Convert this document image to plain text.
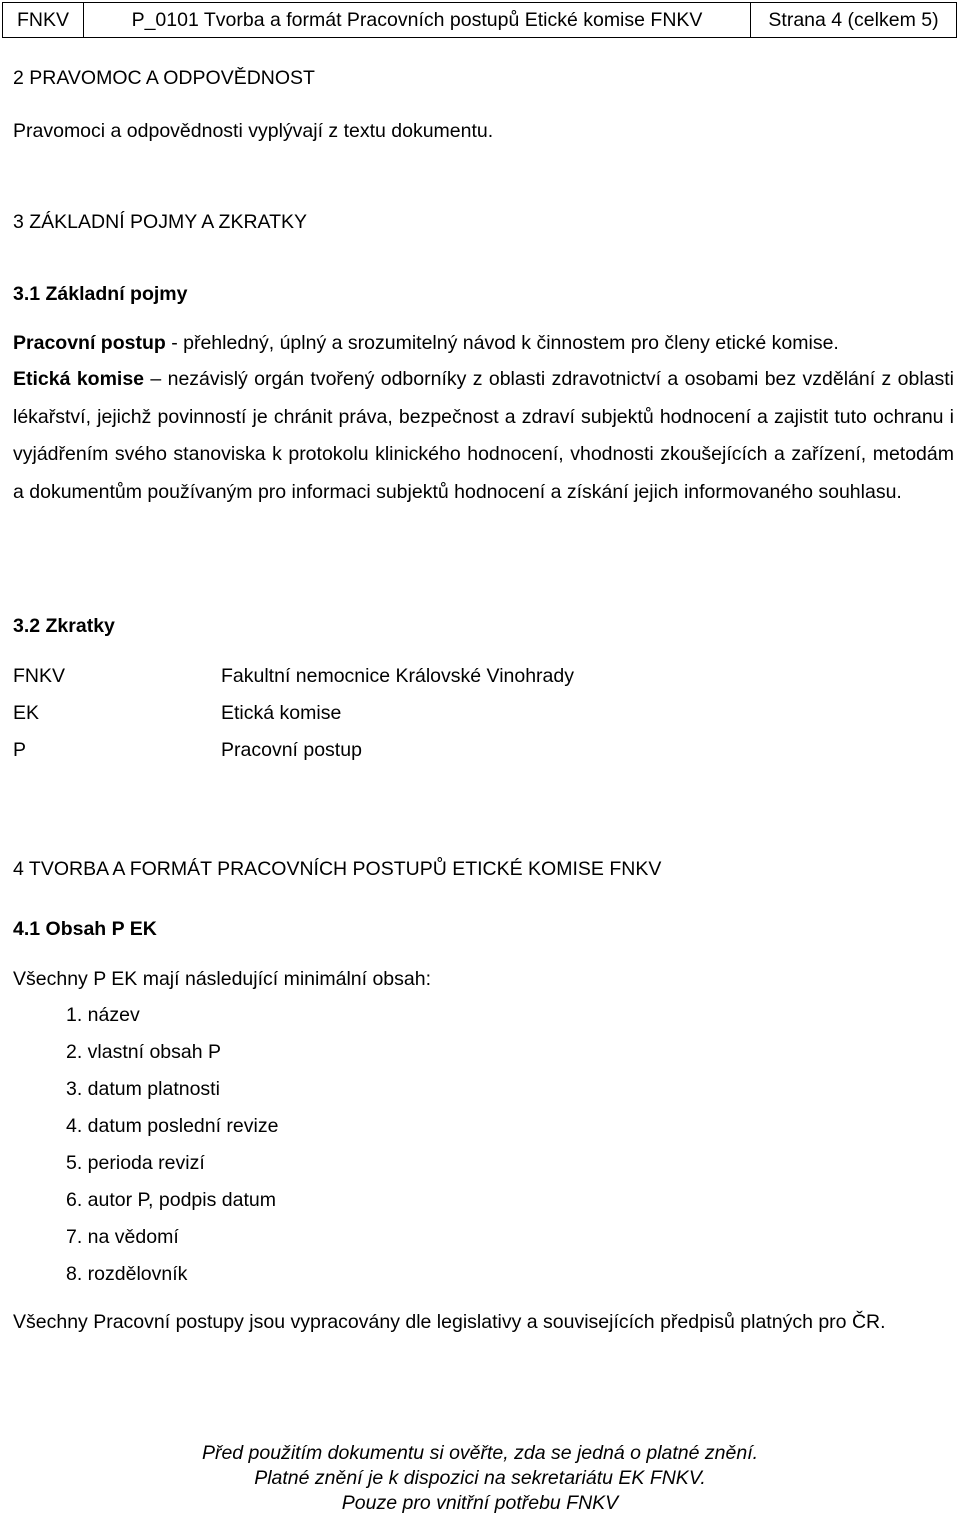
FNKV	P_0101 Tvorba a formát Pracovních postupů Etické komise FNKV	Strana 4 (celkem 5)
2 PRAVOMOC A ODPOVĚDNOST
Pravomoci a odpovědnosti vyplývají z textu dokumentu.
3 ZÁKLADNÍ POJMY A ZKRATKY
3.1 Základní pojmy
Pracovní postup - přehledný, úplný a srozumitelný návod k činnostem pro členy etické komise.

Etická komise – nezávislý orgán tvořený odborníky z oblasti zdravotnictví a osobami bez vzdělání z oblasti lékařství, jejichž povinností je chránit práva, bezpečnost a zdraví subjektů hodnocení a zajistit tuto ochranu i vyjádřením svého stanoviska k protokolu klinického hodnocení, vhodnosti zkoušejících a zařízení, metodám a dokumentům používaným pro informaci subjektů hodnocení a získání jejich informovaného souhlasu.

3.2 Zkratky
FNKV	Fakultní nemocnice Královské Vinohrady
EK	Etická komise
P	Pracovní postup
4 TVORBA A FORMÁT PRACOVNÍCH POSTUPŮ ETICKÉ KOMISE FNKV
4.1 Obsah P EK
Všechny P EK mají následující minimální obsah:
1. název
2. vlastní obsah P
3. datum platnosti
4. datum poslední revize
5. perioda revizí
6. autor P, podpis datum
7. na vědomí
8. rozdělovník

Všechny Pracovní postupy jsou vypracovány dle legislativy a souvisejících předpisů platných pro ČR.

Před použitím dokumentu si ověřte, zda se jedná o platné znění.
Platné znění je k dispozici na sekretariátu EK FNKV.
Pouze pro vnitřní potřebu FNKV
